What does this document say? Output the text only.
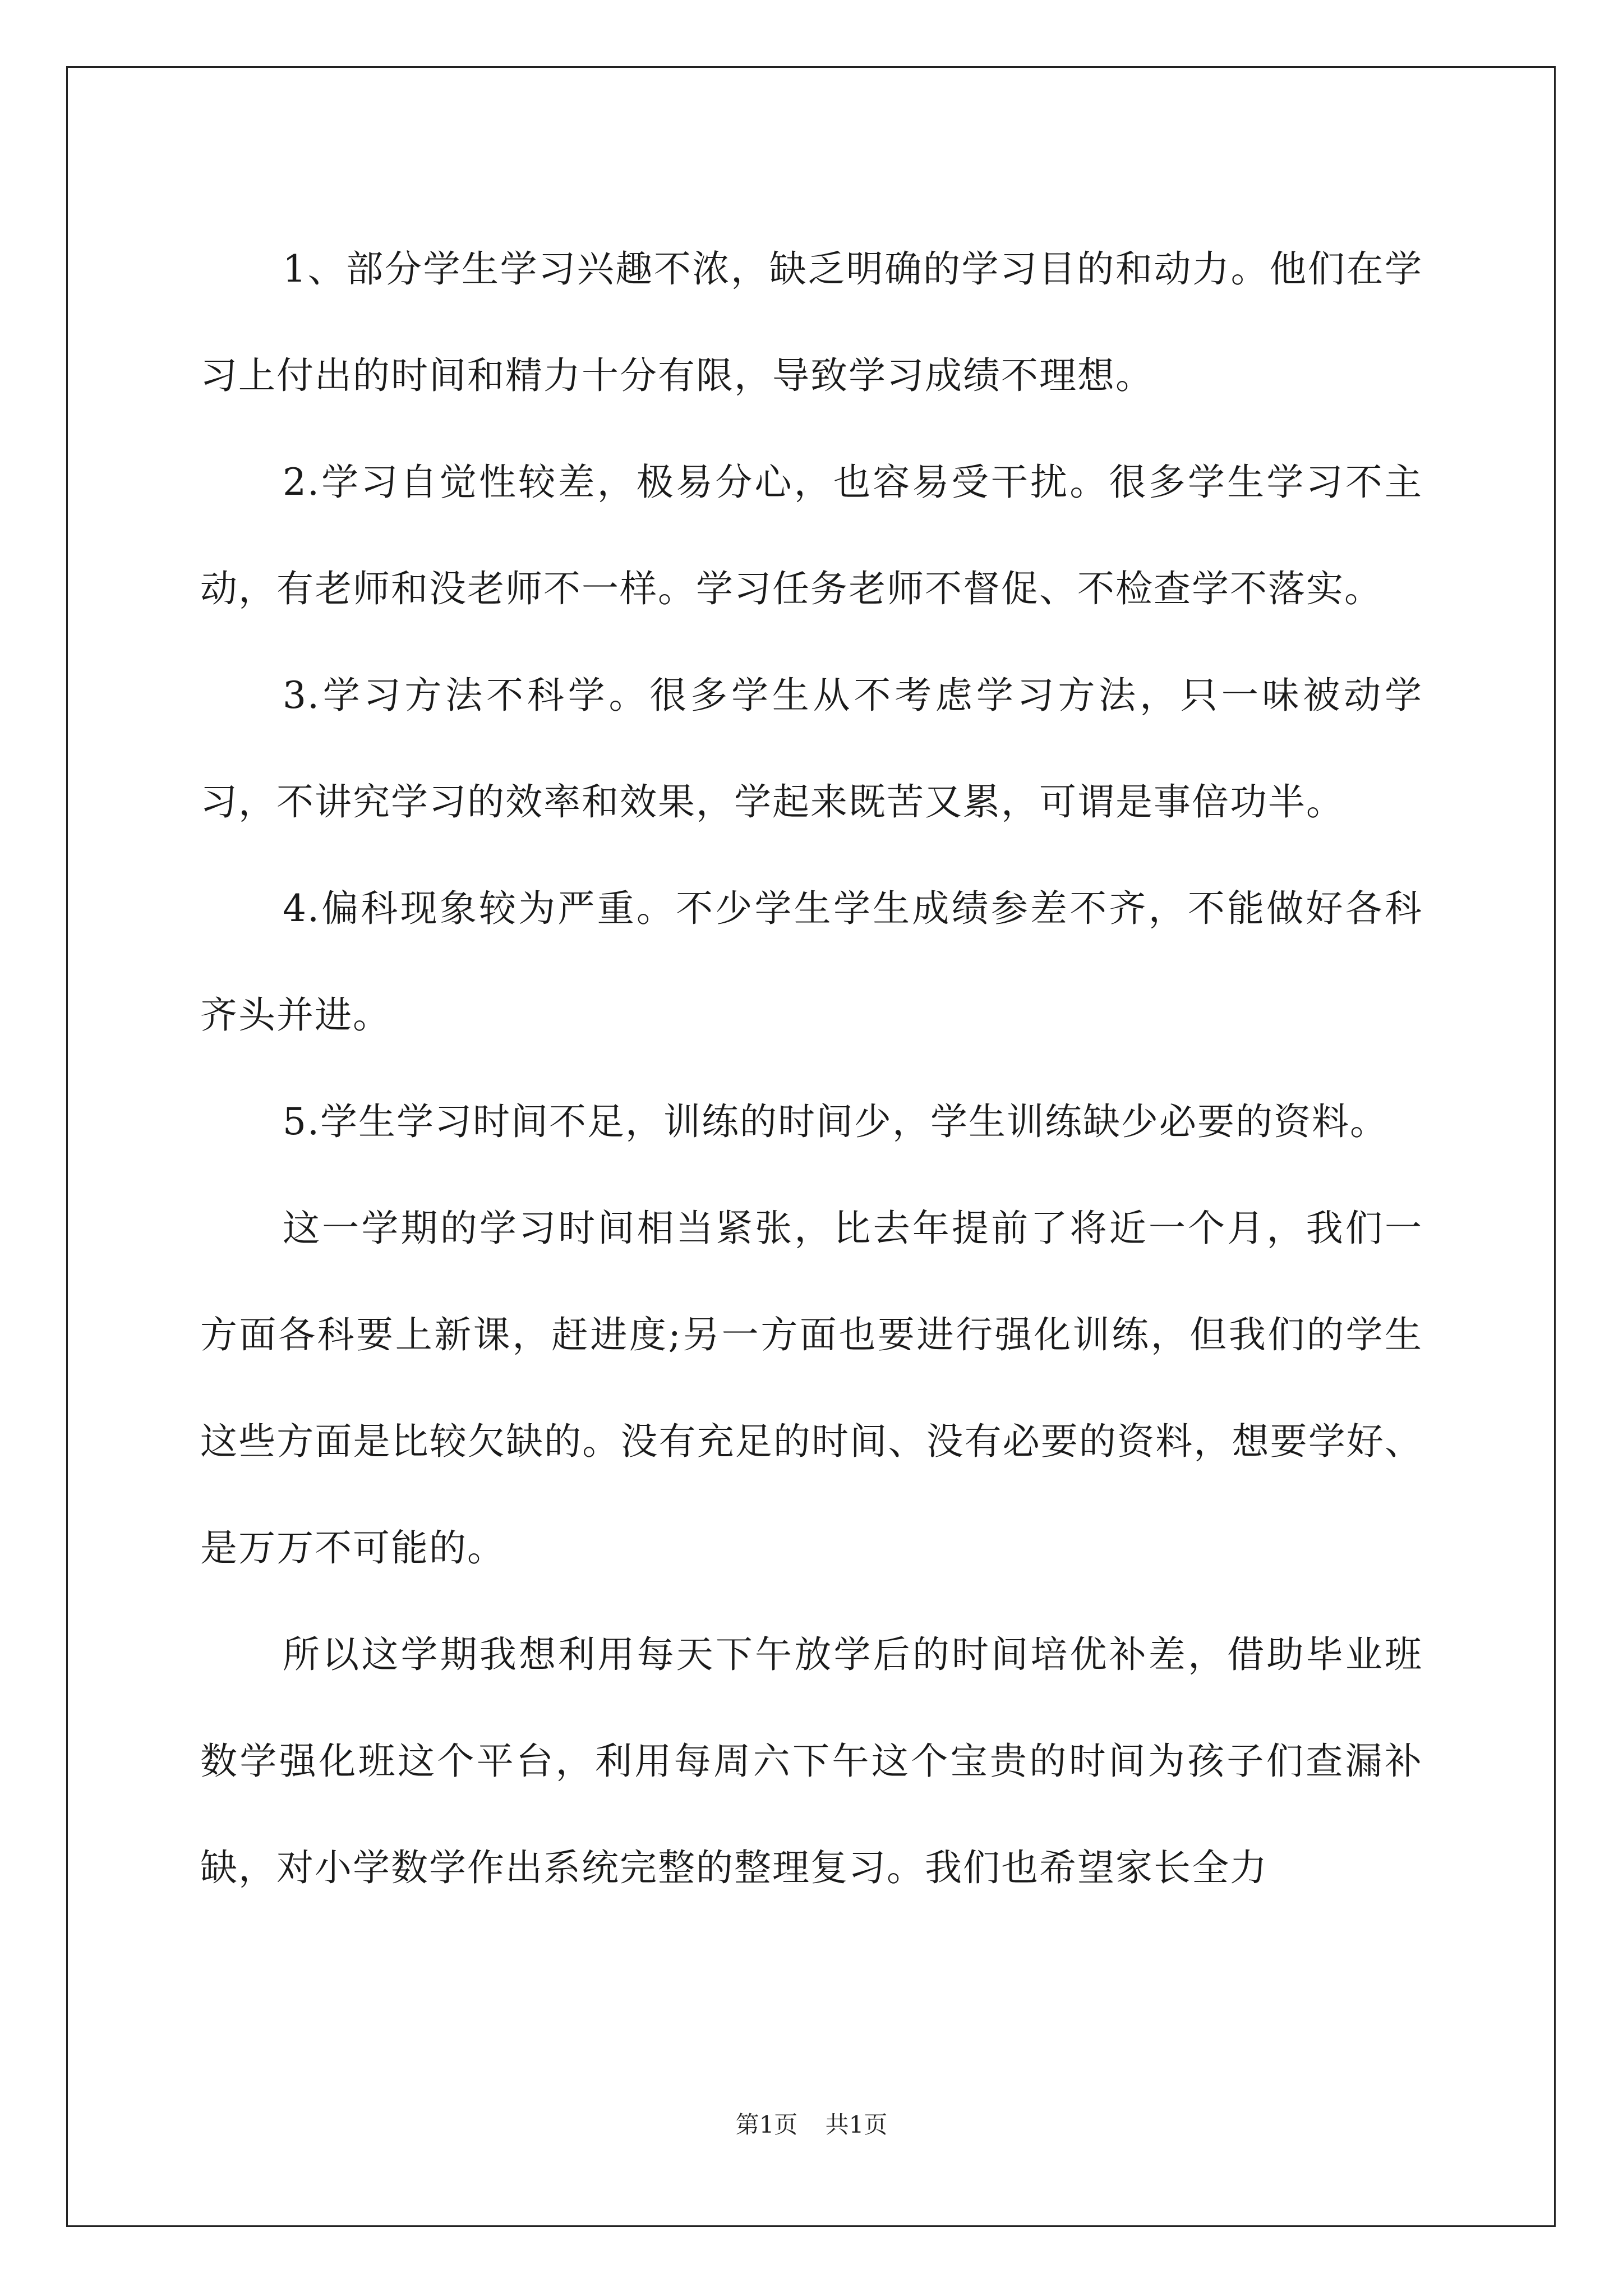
1、部分学生学习兴趣不浓，缺乏明确的学习目的和动力。他们在学习上付出的时间和精力十分有限，导致学习成绩不理想。

2.学习自觉性较差，极易分心，也容易受干扰。很多学生学习不主动，有老师和没老师不一样。学习任务老师不督促、不检查学不落实。

3.学习方法不科学。很多学生从不考虑学习方法，只一味被动学习，不讲究学习的效率和效果，学起来既苦又累，可谓是事倍功半。

4.偏科现象较为严重。不少学生学生成绩参差不齐，不能做好各科齐头并进。

5.学生学习时间不足，训练的时间少，学生训练缺少必要的资料。

这一学期的学习时间相当紧张，比去年提前了将近一个月，我们一方面各科要上新课，赶进度;另一方面也要进行强化训练，但我们的学生这些方面是比较欠缺的。没有充足的时间、没有必要的资料，想要学好、是万万不可能的。

所以这学期我想利用每天下午放学后的时间培优补差，借助毕业班数学强化班这个平台，利用每周六下午这个宝贵的时间为孩子们查漏补缺，对小学数学作出系统完整的整理复习。我们也希望家长全力

第1页 共1页
